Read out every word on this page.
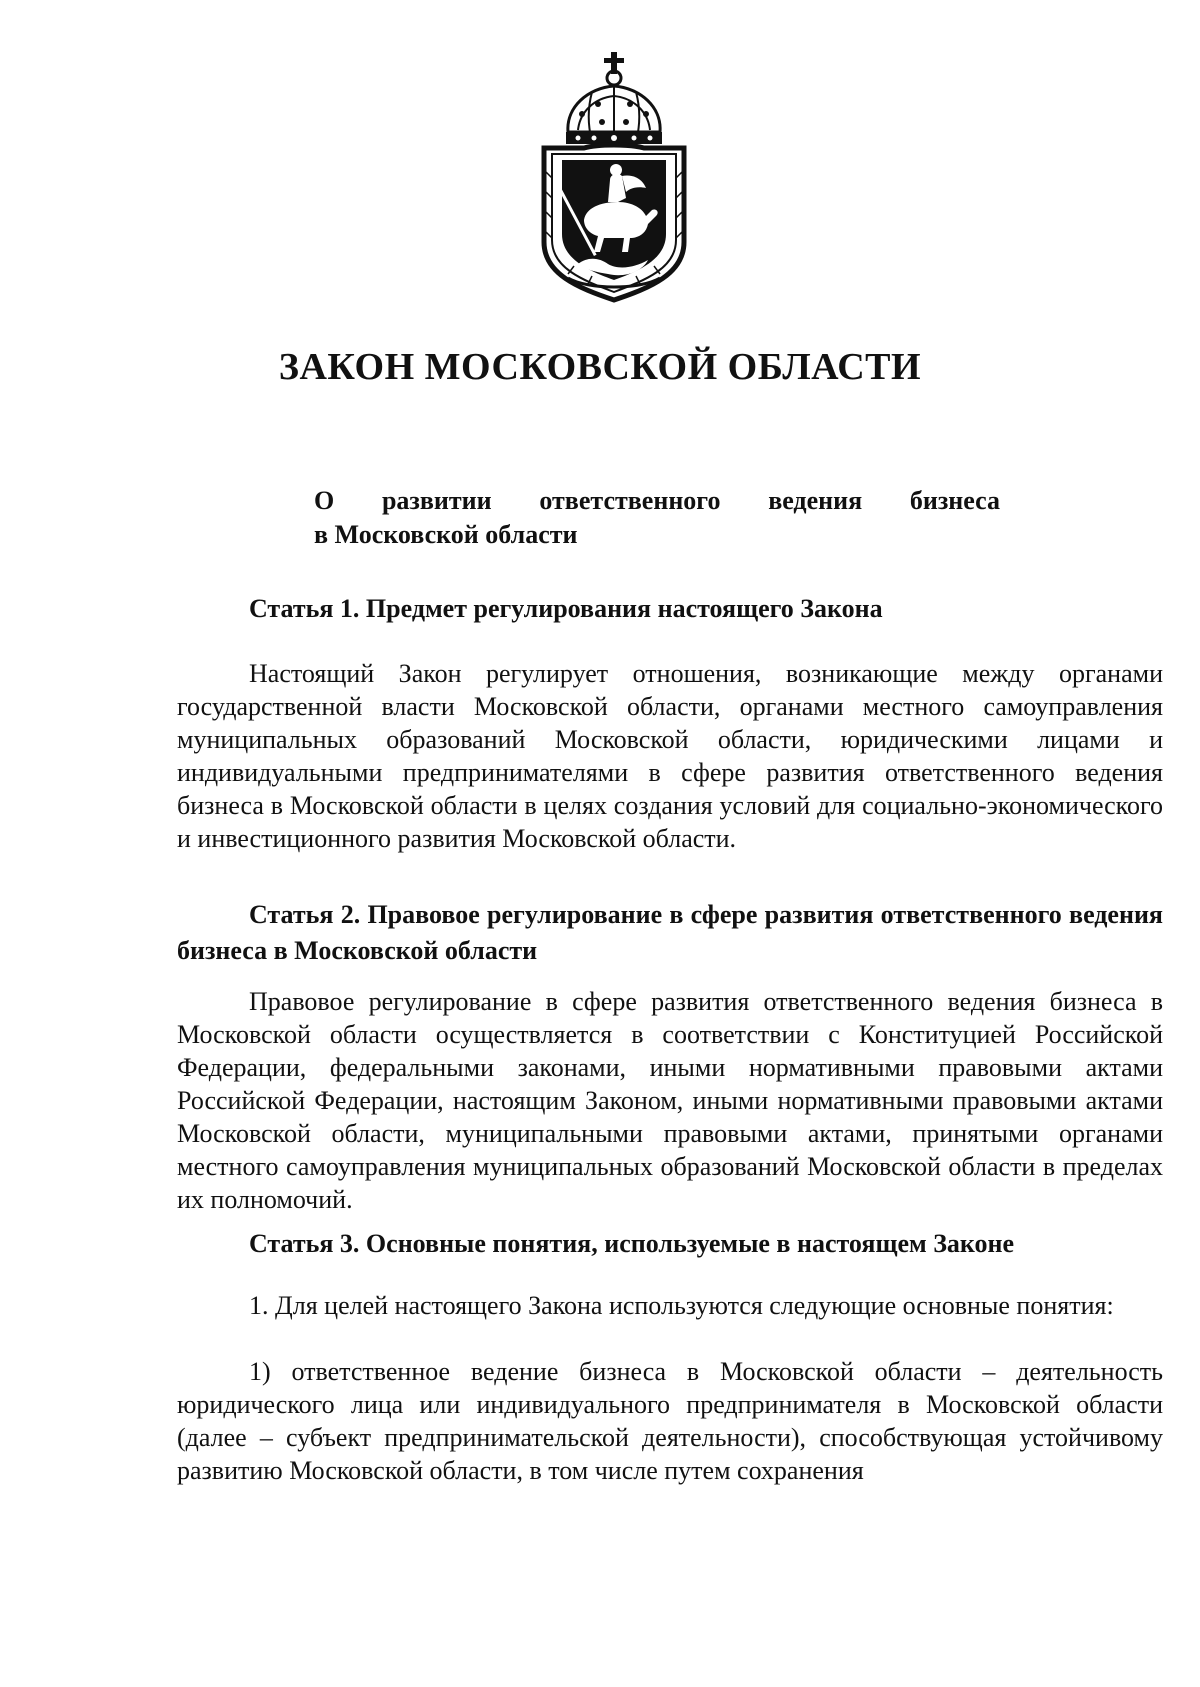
ЗАКОН МОСКОВСКОЙ ОБЛАСТИ
О развитии ответственного ведения бизнеса
в Московской области
Статья 1. Предмет регулирования настоящего Закона

Настоящий Закон регулирует отношения, возникающие между органами государственной власти Московской области, органами местного самоуправления муниципальных образований Московской области, юридическими лицами и индивидуальными предпринимателями в сфере развития ответственного ведения бизнеса в Московской области в целях создания условий для социально-экономического и инвестиционного развития Московской области.

Статья 2. Правовое регулирование в сфере развития ответственного ведения бизнеса в Московской области

Правовое регулирование в сфере развития ответственного ведения бизнеса в Московской области осуществляется в соответствии с Конституцией Российской Федерации, федеральными законами, иными нормативными правовыми актами Российской Федерации, настоящим Законом, иными нормативными правовыми актами Московской области, муниципальными правовыми актами, принятыми органами местного самоуправления муниципальных образований Московской области в пределах их полномочий.

Статья 3. Основные понятия, используемые в настоящем Законе

1. Для целей настоящего Закона используются следующие основные понятия:

1) ответственное ведение бизнеса в Московской области – деятельность юридического лица или индивидуального предпринимателя в Московской области (далее – субъект предпринимательской деятельности), способствующая устойчивому развитию Московской области, в том числе путем сохранения
